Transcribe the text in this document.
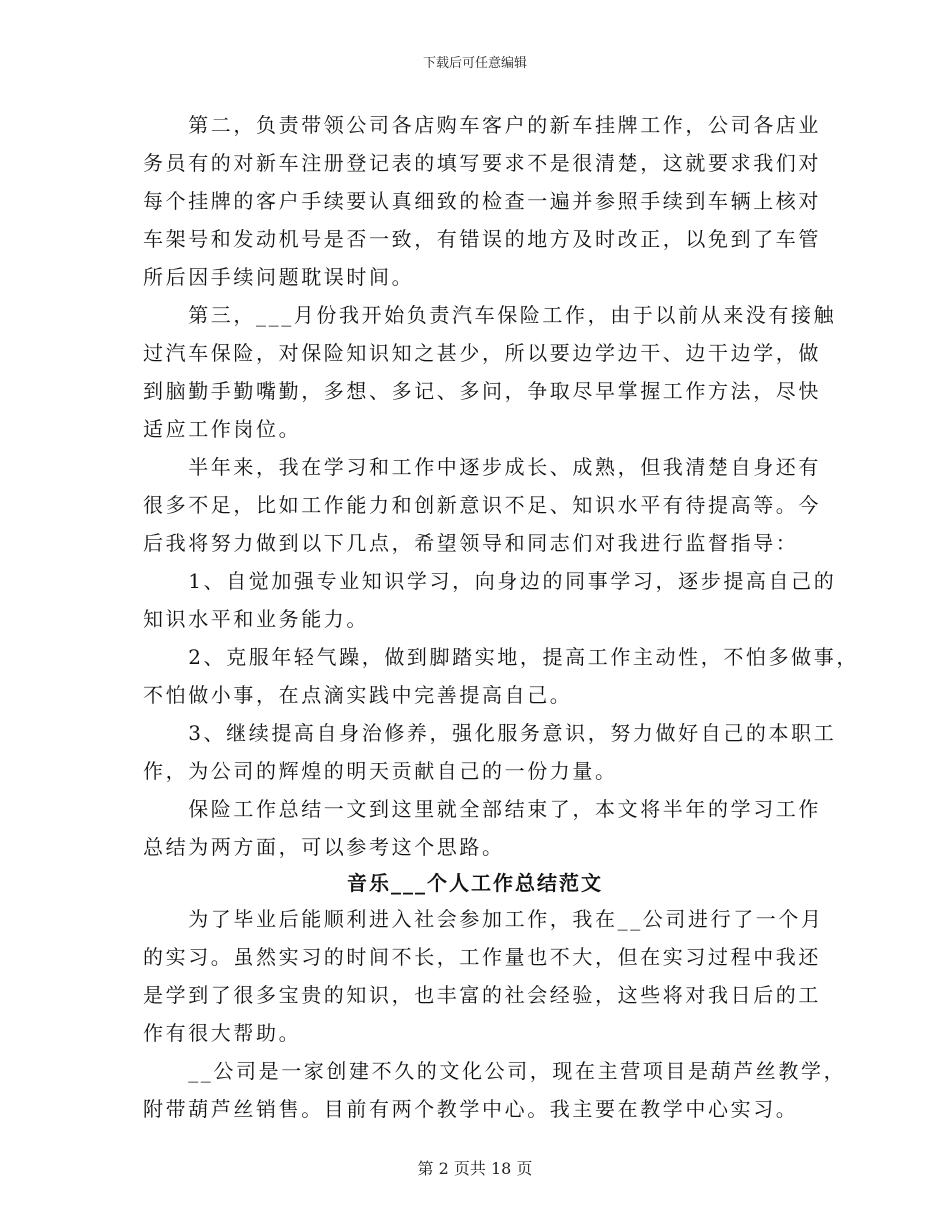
下载后可任意编辑
　　第二，负责带领公司各店购车客户的新车挂牌工作，公司各店业
务员有的对新车注册登记表的填写要求不是很清楚，这就要求我们对
每个挂牌的客户手续要认真细致的检查一遍并参照手续到车辆上核对
车架号和发动机号是否一致，有错误的地方及时改正，以免到了车管
所后因手续问题耽误时间。
　　第三，___月份我开始负责汽车保险工作，由于以前从来没有接触
过汽车保险，对保险知识知之甚少，所以要边学边干、边干边学，做
到脑勤手勤嘴勤，多想、多记、多问，争取尽早掌握工作方法，尽快
适应工作岗位。
　　半年来，我在学习和工作中逐步成长、成熟，但我清楚自身还有
很多不足，比如工作能力和创新意识不足、知识水平有待提高等。今
后我将努力做到以下几点，希望领导和同志们对我进行监督指导：
　　1、自觉加强专业知识学习，向身边的同事学习，逐步提高自己的
知识水平和业务能力。
　　2、克服年轻气躁，做到脚踏实地，提高工作主动性，不怕多做事，
不怕做小事，在点滴实践中完善提高自己。
　　3、继续提高自身治修养，强化服务意识，努力做好自己的本职工
作，为公司的辉煌的明天贡献自己的一份力量。
　　保险工作总结一文到这里就全部结束了，本文将半年的学习工作
总结为两方面，可以参考这个思路。
音乐___个人工作总结范文
　　为了毕业后能顺利进入社会参加工作，我在__公司进行了一个月
的实习。虽然实习的时间不长，工作量也不大，但在实习过程中我还
是学到了很多宝贵的知识，也丰富的社会经验，这些将对我日后的工
作有很大帮助。
　　__公司是一家创建不久的文化公司，现在主营项目是葫芦丝教学，
附带葫芦丝销售。目前有两个教学中心。我主要在教学中心实习。
第 2 页共 18 页
